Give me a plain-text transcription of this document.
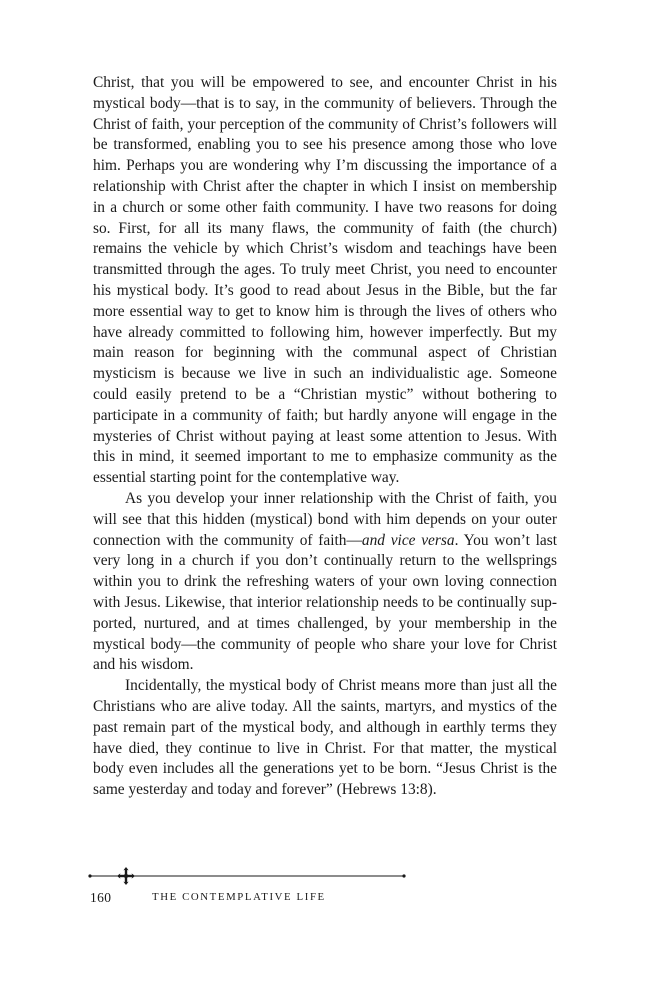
Christ, that you will be empowered to see, and encounter Christ in his mystical body—that is to say, in the community of believers. Through the Christ of faith, your perception of the community of Christ’s followers will be transformed, enabling you to see his presence among those who love him. Perhaps you are wondering why I’m discussing the importance of a relationship with Christ after the chapter in which I insist on membership in a church or some other faith community. I have two reasons for doing so. First, for all its many flaws, the community of faith (the church) remains the vehicle by which Christ’s wisdom and teachings have been transmitted through the ages. To truly meet Christ, you need to encounter his mystical body. It’s good to read about Jesus in the Bible, but the far more essential way to get to know him is through the lives of others who have already committed to following him, however imperfectly. But my main reason for beginning with the communal aspect of Christian mysticism is because we live in such an individualistic age. Someone could easily pretend to be a “Christian mystic” without bothering to participate in a community of faith; but hardly anyone will engage in the mysteries of Christ without paying at least some attention to Jesus. With this in mind, it seemed important to me to emphasize community as the essential starting point for the contemplative way.

As you develop your inner relationship with the Christ of faith, you will see that this hidden (mystical) bond with him depends on your outer connection with the community of faith—and vice versa. You won’t last very long in a church if you don’t continually return to the wellsprings within you to drink the refreshing waters of your own loving connection with Jesus. Likewise, that interior relationship needs to be continually supported, nurtured, and at times challenged, by your membership in the mystical body—the community of people who share your love for Christ and his wisdom.

Incidentally, the mystical body of Christ means more than just all the Christians who are alive today. All the saints, martyrs, and mystics of the past remain part of the mystical body, and although in earthly terms they have died, they continue to live in Christ. For that matter, the mystical body even includes all the generations yet to be born. “Jesus Christ is the same yesterday and today and forever” (Hebrews 13:8).

160	THE CONTEMPLATIVE LIFE
